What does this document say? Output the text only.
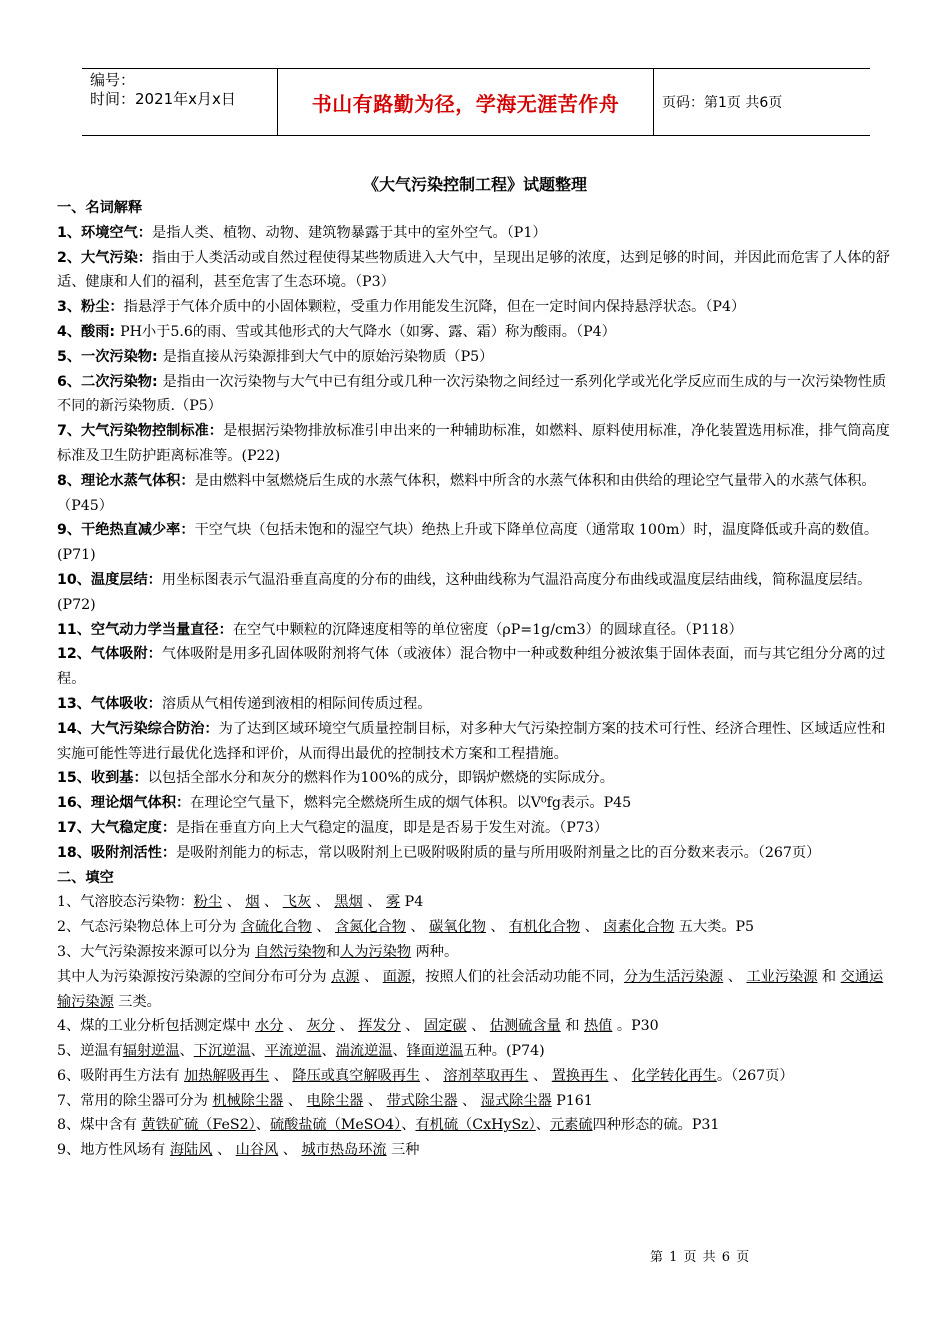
编号：
时间：2021年x月x日	书山有路勤为径，学海无涯苦作舟	页码：第1页 共6页
《大气污染控制工程》试题整理

一、名词解释

1、环境空气：是指人类、植物、动物、建筑物暴露于其中的室外空气。（P1）

2、大气污染：指由于人类活动或自然过程使得某些物质进入大气中，呈现出足够的浓度，达到足够的时间，并因此而危害了人体的舒适、健康和人们的福利，甚至危害了生态环境。（P3）

3、粉尘：指悬浮于气体介质中的小固体颗粒，受重力作用能发生沉降，但在一定时间内保持悬浮状态。（P4）

4、酸雨: PH小于5.6的雨、雪或其他形式的大气降水（如雾、露、霜）称为酸雨。（P4）

5、一次污染物: 是指直接从污染源排到大气中的原始污染物质（P5）

6、二次污染物: 是指由一次污染物与大气中已有组分或几种一次污染物之间经过一系列化学或光化学反应而生成的与一次污染物性质不同的新污染物质.（P5）

7、大气污染物控制标准：是根据污染物排放标准引申出来的一种辅助标准，如燃料、原料使用标准，净化装置选用标准，排气筒高度标准及卫生防护距离标准等。(P22)

8、理论水蒸气体积：是由燃料中氢燃烧后生成的水蒸气体积，燃料中所含的水蒸气体积和由供给的理论空气量带入的水蒸气体积。（P45）

9、干绝热直减少率：干空气块（包括未饱和的湿空气块）绝热上升或下降单位高度（通常取 100m）时，温度降低或升高的数值。(P71)

10、温度层结：用坐标图表示气温沿垂直高度的分布的曲线，这种曲线称为气温沿高度分布曲线或温度层结曲线，简称温度层结。(P72)

11、空气动力学当量直径：在空气中颗粒的沉降速度相等的单位密度（ρP=1g/cm3）的圆球直径。（P118）

12、气体吸附：气体吸附是用多孔固体吸附剂将气体（或液体）混合物中一种或数种组分被浓集于固体表面，而与其它组分分离的过程。

13、气体吸收：溶质从气相传递到液相的相际间传质过程。

14、大气污染综合防治：为了达到区域环境空气质量控制目标，对多种大气污染控制方案的技术可行性、经济合理性、区域适应性和实施可能性等进行最优化选择和评价，从而得出最优的控制技术方案和工程措施。

15、收到基：以包括全部水分和灰分的燃料作为100%的成分，即锅炉燃烧的实际成分。

16、理论烟气体积：在理论空气量下，燃料完全燃烧所生成的烟气体积。以V⁰fg表示。P45

17、大气稳定度：是指在垂直方向上大气稳定的温度，即是是否易于发生对流。（P73）

18、吸附剂活性：是吸附剂能力的标志，常以吸附剂上已吸附吸附质的量与所用吸附剂量之比的百分数来表示。（267页）

二、填空

1、气溶胶态污染物：粉尘 、 烟 、 飞灰 、 黑烟 、 雾 P4

2、气态污染物总体上可分为 含硫化合物 、 含氮化合物 、 碳氧化物 、 有机化合物 、 卤素化合物 五大类。P5

3、大气污染源按来源可以分为 自然污染物和人为污染物 两种。

其中人为污染源按污染源的空间分布可分为 点源 、 面源，按照人们的社会活动功能不同，分为生活污染源 、 工业污染源 和 交通运输污染源 三类。

4、煤的工业分析包括测定煤中 水分 、 灰分 、 挥发分 、 固定碳 、 估测硫含量 和 热值 。P30

5、逆温有辐射逆温、下沉逆温、平流逆温、湍流逆温、锋面逆温五种。(P74)

6、吸附再生方法有 加热解吸再生 、 降压或真空解吸再生 、 溶剂萃取再生 、 置换再生 、 化学转化再生。（267页）

7、常用的除尘器可分为 机械除尘器 、 电除尘器 、 带式除尘器 、 湿式除尘器 P161

8、煤中含有 黄铁矿硫（FeS2）、硫酸盐硫（MeSO4）、有机硫（CxHySz）、元素硫四种形态的硫。P31

9、地方性风场有 海陆风 、 山谷风 、 城市热岛环流 三种

第 1 页 共 6 页
